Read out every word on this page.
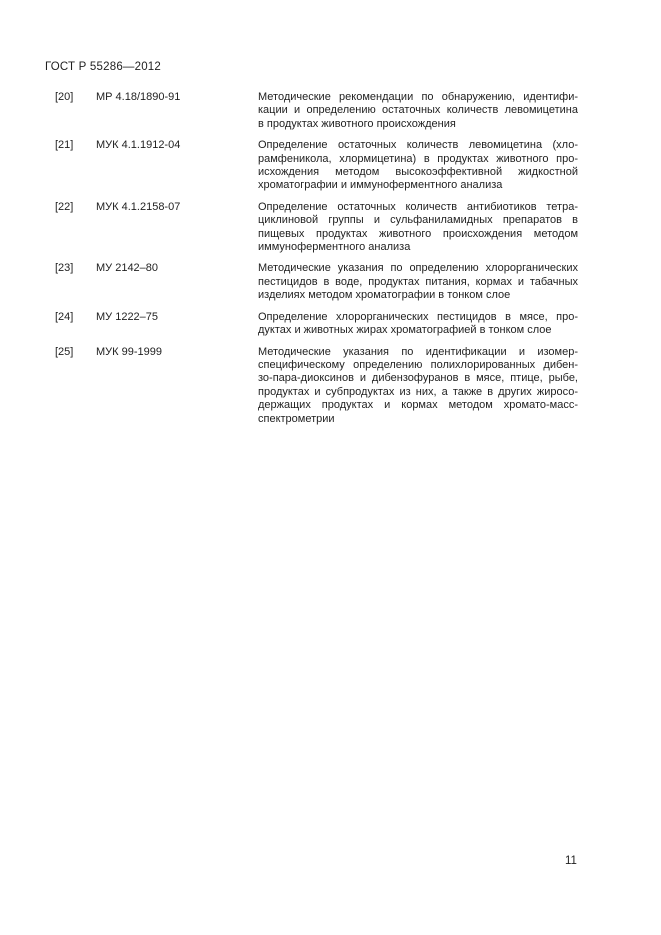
ГОСТ Р 55286—2012
[20]	МР 4.18/1890-91	Методические рекомендации по обнаружению, идентифи-
кации и определению остаточных количеств левомицетина
в продуктах животного происхождения
[21]	МУК 4.1.1912-04	Определение остаточных количеств левомицетина (хло-
рамфеникола, хлормицетина) в продуктах животного про-
исхождения методом высокоэффективной жидкостной
хроматографии и иммуноферментного анализа
[22]	МУК 4.1.2158-07	Определение остаточных количеств антибиотиков тетра-
циклиновой группы и сульфаниламидных препаратов в
пищевых продуктах животного происхождения методом
иммуноферментного анализа
[23]	МУ 2142–80	Методические указания по определению хлорорганических
пестицидов в воде, продуктах питания, кормах и табачных
изделиях методом хроматографии в тонком слое
[24]	МУ 1222–75	Определение хлорорганических пестицидов в мясе, про-
дуктах и животных жирах хроматографией в тонком слое
[25]	МУК 99-1999	Методические указания по идентификации и изомер-
специфическому определению полихлорированных дибен-
зо-пара-диоксинов и дибензофуранов в мясе, птице, рыбе,
продуктах и субпродуктах из них, а также в других жиросо-
держащих продуктах и кормах методом хромато-масс-
спектрометрии
11
